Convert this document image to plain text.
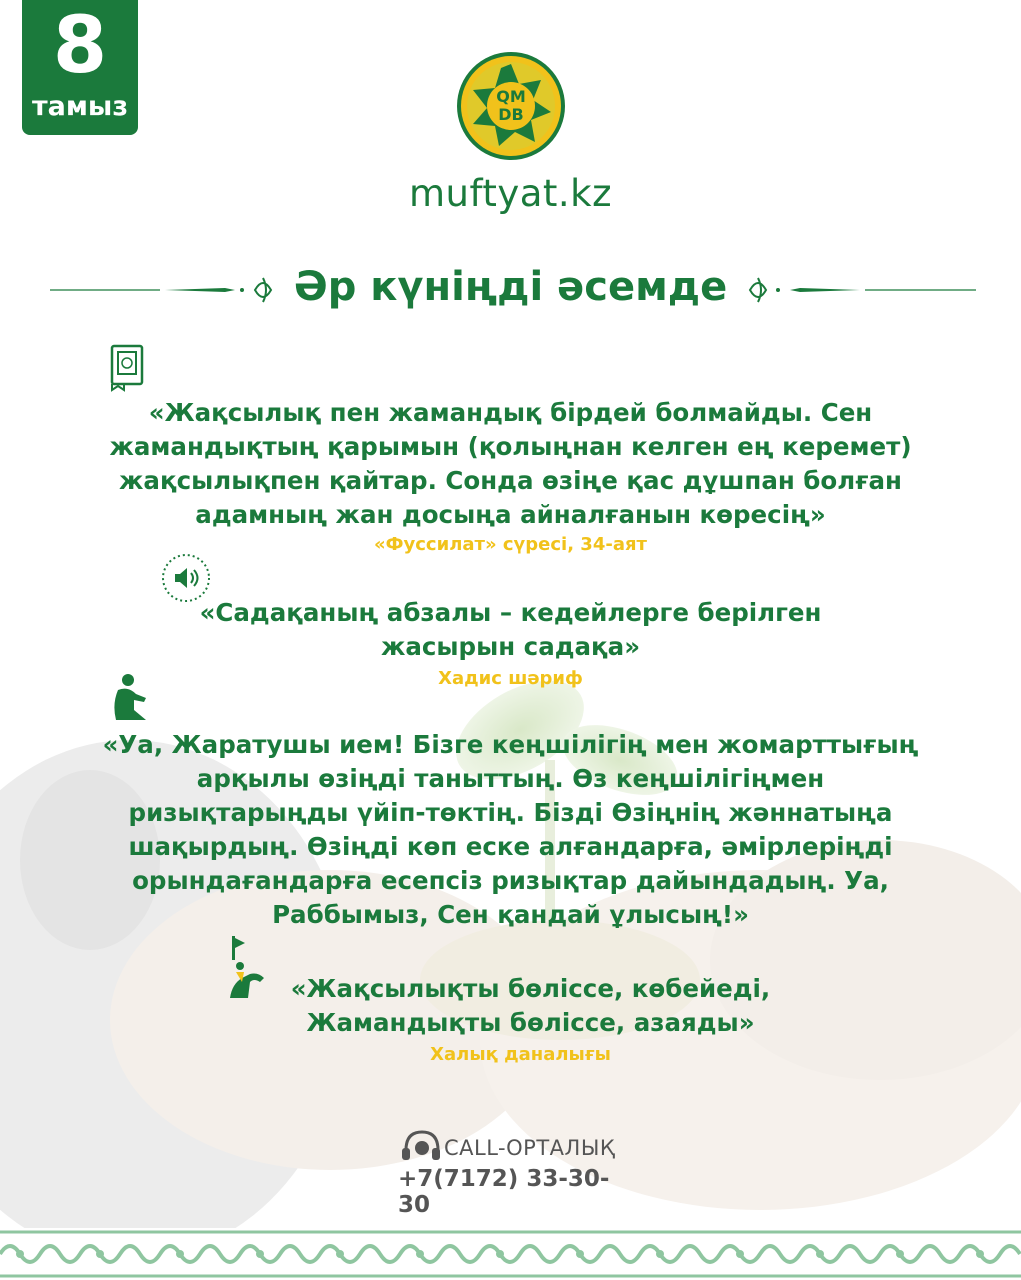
8
тамыз	QM
DB
muftyat.kz
Әр күніңді әсемде
«Жақсылық пен жамандық бірдей болмайды. Сен
жамандықтың қарымын (қолыңнан келген ең керемет)
жақсылықпен қайтар. Сонда өзіңе қас дұшпан болған
адамның жан досыңа айналғанын көресің»
«Фуссилат» сүресі, 34-аят
«Садақаның абзалы – кедейлерге берілген
жасырын садақа»
Хадис шәриф
«Уа, Жаратушы ием! Бізге кеңшілігің мен жомарттығың
арқылы өзіңді таныттың. Өз кеңшілігіңмен
ризықтарыңды үйіп-төктің. Бізді Өзіңнің жәннатыңа
шақырдың. Өзіңді көп еске алғандарға, әмірлеріңді
орындағандарға есепсіз ризықтар дайындадың. Уа,
Раббымыз, Сен қандай ұлысың!»
«Жақсылықты бөліссе, көбейеді,
Жамандықты бөліссе, азаяды»
Халық даналығы
CALL-ОРТАЛЫҚ
+7(7172) 33-30-30
